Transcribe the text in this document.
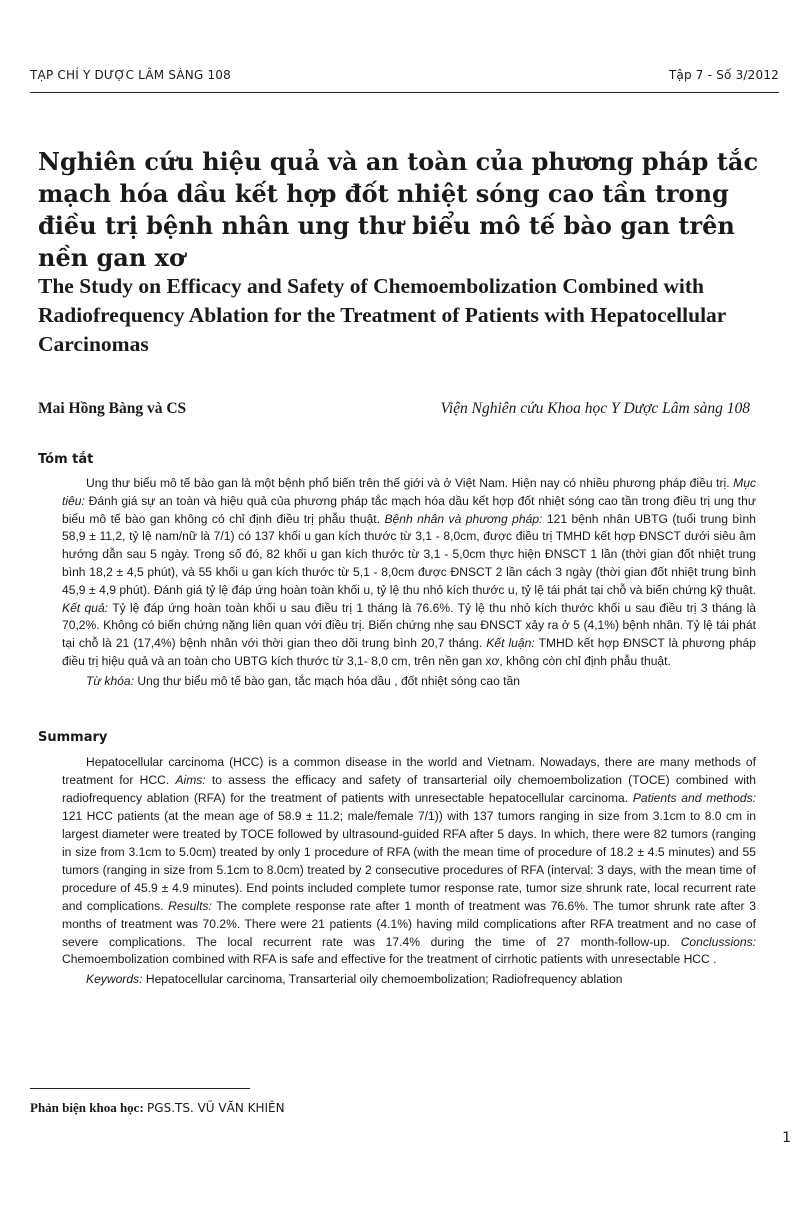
TẠP CHÍ Y DƯỢC LÂM SÀNG 108	Tập 7 - Số 3/2012
Nghiên cứu hiệu quả và an toàn của phương pháp tắc mạch hóa dầu kết hợp đốt nhiệt sóng cao tần trong điều trị bệnh nhân ung thư biểu mô tế bào gan trên nền gan xơ
The Study on Efficacy and Safety of Chemoembolization Combined with Radiofrequency Ablation for the Treatment of Patients with Hepatocellular Carcinomas
Mai Hồng Bàng và CS	Viện Nghiên cứu Khoa học Y Dược Lâm sàng 108
Tóm tắt

Ung thư biểu mô tế bào gan là một bệnh phổ biến trên thế giới và ở Việt Nam. Hiện nay có nhiều phương pháp điều trị. Mục tiêu: Đánh giá sự an toàn và hiệu quả của phương pháp tắc mạch hóa dầu kết hợp đốt nhiệt sóng cao tần trong điều trị ung thư biểu mô tế bào gan không có chỉ định điều trị phẫu thuật. Bệnh nhân và phương pháp: 121 bệnh nhân UBTG (tuổi trung bình 58,9 ± 11,2, tỷ lệ nam/nữ là 7/1) có 137 khối u gan kích thước từ 3,1 - 8,0cm, được điều trị TMHD kết hợp ĐNSCT dưới siêu âm hướng dẫn sau 5 ngày. Trong số đó, 82 khối u gan kích thước từ 3,1 - 5,0cm thực hiện ĐNSCT 1 lần (thời gian đốt nhiệt trung bình 18,2 ± 4,5 phút), và 55 khối u gan kích thước từ 5,1 - 8,0cm được ĐNSCT 2 lần cách 3 ngày (thời gian đốt nhiệt trung bình 45,9 ± 4,9 phút). Đánh giá tỷ lệ đáp ứng hoàn toàn khối u, tỷ lệ thu nhỏ kích thước u, tỷ lệ tái phát tại chỗ và biến chứng kỹ thuật. Kết quả: Tỷ lệ đáp ứng hoàn toàn khối u sau điều trị 1 tháng là 76.6%. Tỷ lệ thu nhỏ kích thước khối u sau điều trị 3 tháng là 70,2%. Không có biến chứng nặng liên quan với điều trị. Biến chứng nhẹ sau ĐNSCT xảy ra ở 5 (4,1%) bệnh nhân. Tỷ lệ tái phát tại chỗ là 21 (17,4%) bệnh nhân với thời gian theo dõi trung bình 20,7 tháng. Kết luận: TMHD kết hợp ĐNSCT là phương pháp điều trị hiệu quả và an toàn cho UBTG kích thước từ 3,1- 8,0 cm, trên nền gan xơ, không còn chỉ định phẫu thuật.

Từ khóa: Ung thư biểu mô tế bào gan, tắc mạch hóa dầu , đốt nhiệt sóng cao tần

Summary

Hepatocellular carcinoma (HCC) is a common disease in the world and Vietnam. Nowadays, there are many methods of treatment for HCC. Aims: to assess the efficacy and safety of transarterial oily chemoembolization (TOCE) combined with radiofrequency ablation (RFA) for the treatment of patients with unresectable hepatocellular carcinoma. Patients and methods: 121 HCC patients (at the mean age of 58.9 ± 11.2; male/female 7/1)) with 137 tumors ranging in size from 3.1cm to 8.0 cm in largest diameter were treated by TOCE followed by ultrasound-guided RFA after 5 days. In which, there were 82 tumors (ranging in size from 3.1cm to 5.0cm) treated by only 1 procedure of RFA (with the mean time of procedure of 18.2 ± 4.5 minutes) and 55 tumors (ranging in size from 5.1cm to 8.0cm) treated by 2 consecutive procedures of RFA (interval: 3 days, with the mean time of procedure of 45.9 ± 4.9 minutes). End points included complete tumor response rate, tumor size shrunk rate, local recurrent rate and complications. Results: The complete response rate after 1 month of treatment was 76.6%. The tumor shrunk rate after 3 months of treatment was 70.2%. There were 21 patients (4.1%) having mild complications after RFA treatment and no case of severe complications. The local recurrent rate was 17.4% during the time of 27 month-follow-up. Conclussions: Chemoembolization combined with RFA is safe and effective for the treatment of cirrhotic patients with unresectable HCC .

Keywords: Hepatocellular carcinoma, Transarterial oily chemoembolization; Radiofrequency ablation

Phản biện khoa học: PGS.TS. VŨ VĂN KHIÊN
1
